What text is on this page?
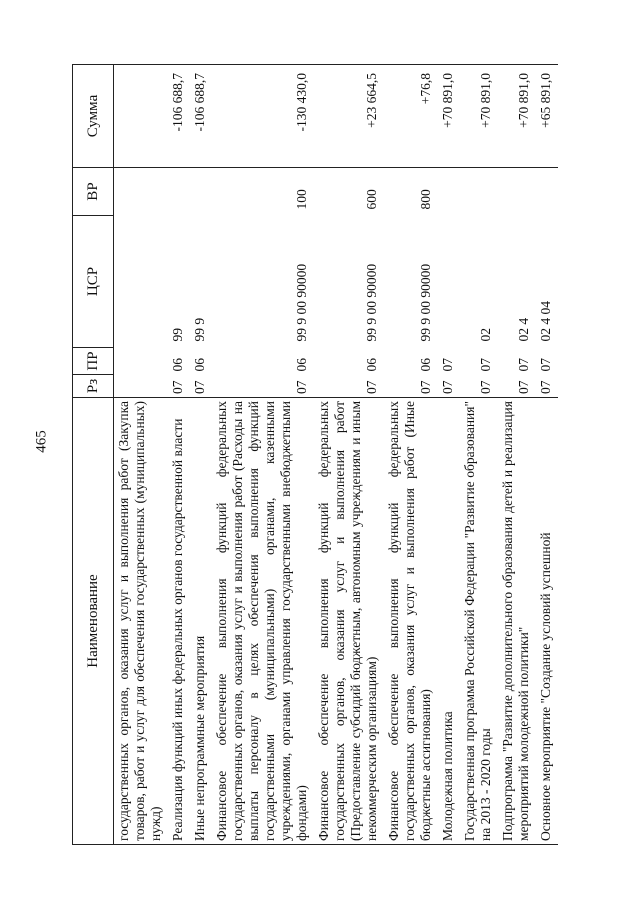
465
Наименование	Рз	ПР	ЦСР	ВР	Сумма
государственных органов, оказания услуг и выполнения работ (Закупка товаров, работ и услуг для обеспечения государственных (муниципальных) нужд)					
Реализация функций иных федеральных органов государственной власти	07	06	99		-106 688,7
Иные непрограммные мероприятия	07	06	99 9		-106 688,7
Финансовое обеспечение выполнения функций федеральных государственных органов, оказания услуг и выполнения работ (Расходы на выплаты персоналу в целях обеспечения выполнения функций государственными (муниципальными) органами, казенными учреждениями, органами управления государственными внебюджетными фондами)	07	06	99 9 00 90000	100	-130 430,0
Финансовое обеспечение выполнения функций федеральных государственных органов, оказания услуг и выполнения работ (Предоставление субсидий бюджетным, автономным учреждениям и иным некоммерческим организациям)	07	06	99 9 00 90000	600	+23 664,5
Финансовое обеспечение выполнения функций федеральных государственных органов, оказания услуг и выполнения работ (Иные бюджетные ассигнования)	07	06	99 9 00 90000	800	+76,8
Молодежная политика	07	07			+70 891,0
Государственная программа Российской Федерации "Развитие образования" на 2013 - 2020 годы	07	07	02		+70 891,0
Подпрограмма "Развитие дополнительного образования детей и реализация мероприятий молодежной политики"	07	07	02 4		+70 891,0
Основное мероприятие "Создание условий успешной	07	07	02 4 04		+65 891,0
